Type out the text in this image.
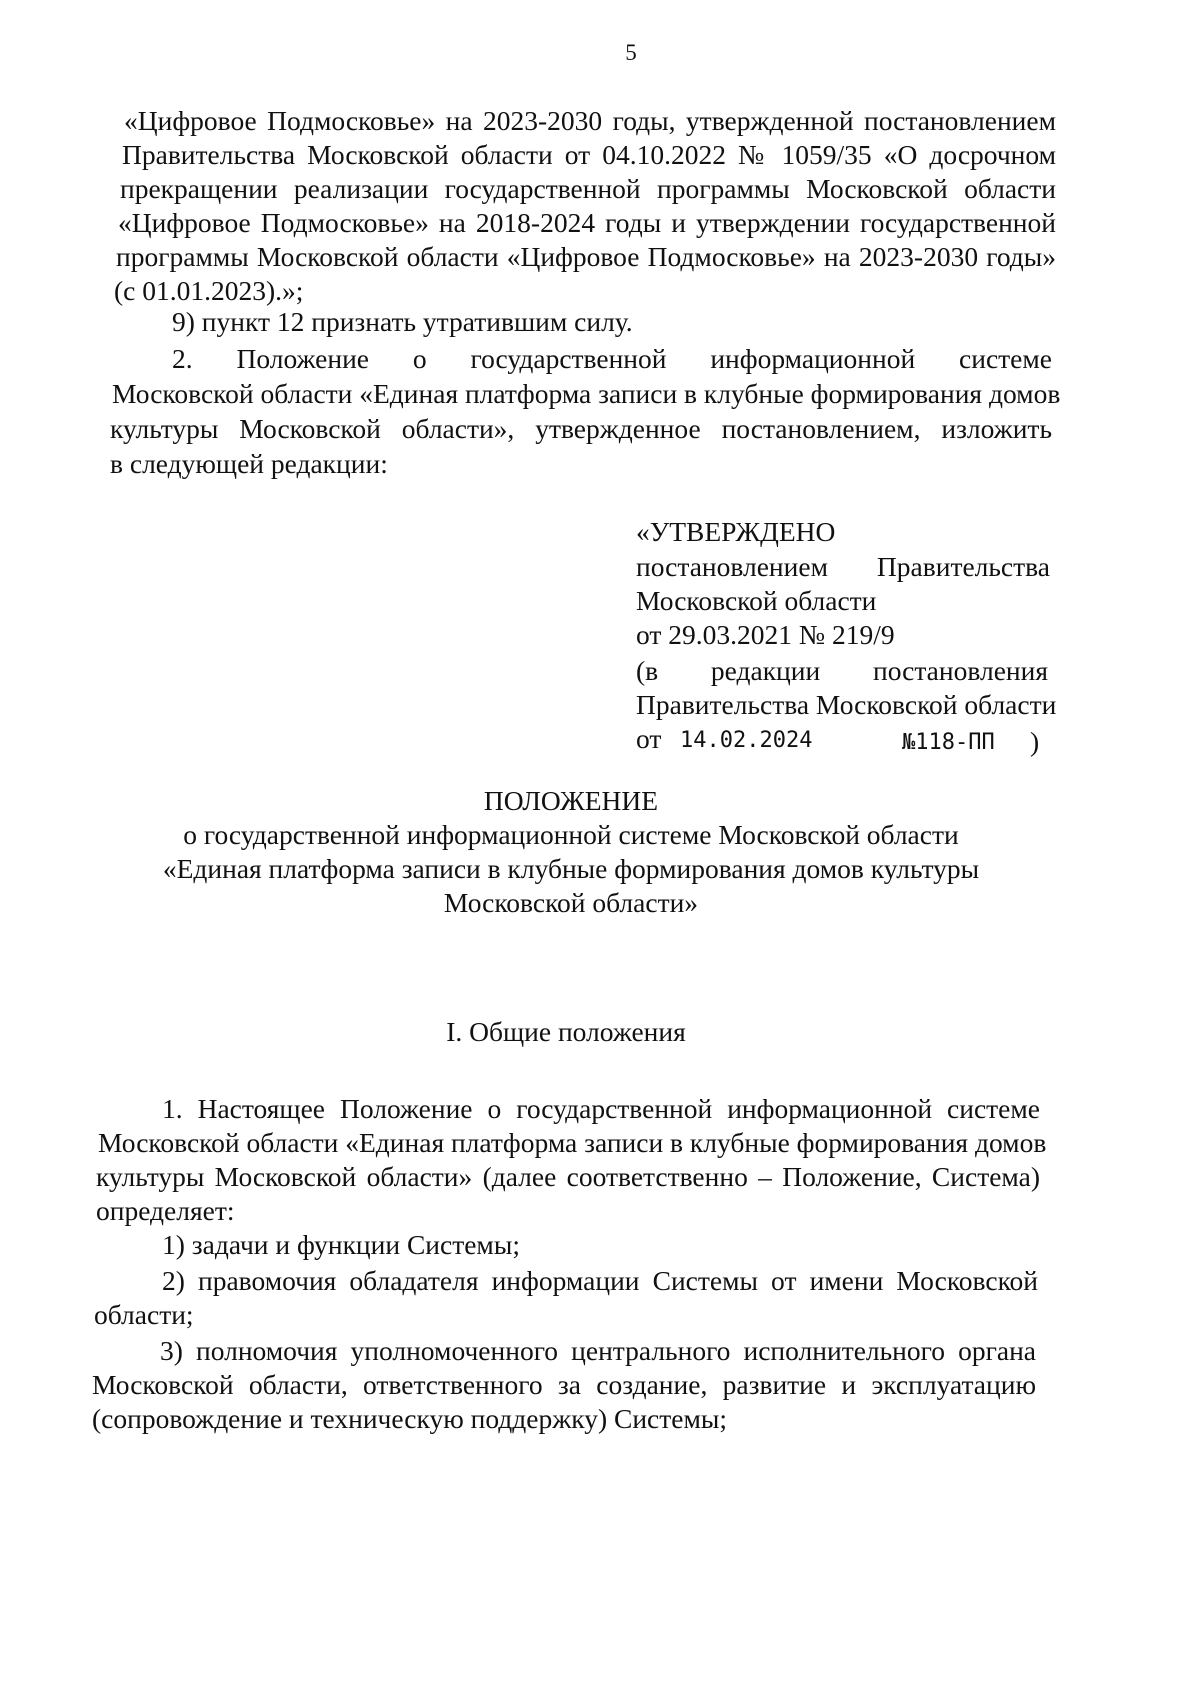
5
«Цифровое Подмосковье» на 2023-2030 годы, утвержденной постановлением
Правительства Московской области от 04.10.2022 № 1059/35 «О досрочном
прекращении реализации государственной программы Московской области
«Цифровое Подмосковье» на 2018-2024 годы и утверждении государственной
программы Московской области «Цифровое Подмосковье» на 2023-2030 годы»
(с 01.01.2023).»;
9) пункт 12 признать утратившим силу.
2. Положение о государственной информационной системе
Московской области «Единая платформа записи в клубные формирования домов
культуры Московской области», утвержденное постановлением, изложить
в следующей редакции:
«УТВЕРЖДЕНО
постановлением Правительства
Московской области
от 29.03.2021 № 219/9
(в редакции постановления
Правительства Московской области
от 14.02.2024	№118-ПП )
ПОЛОЖЕНИЕ
о государственной информационной системе Московской области
«Единая платформа записи в клубные формирования домов культуры
Московской области»
I. Общие положения
1. Настоящее Положение о государственной информационной системе
Московской области «Единая платформа записи в клубные формирования домов
культуры Московской области» (далее соответственно – Положение, Система)
определяет:
1) задачи и функции Системы;
2) правомочия обладателя информации Системы от имени Московской
области;
3) полномочия уполномоченного центрального исполнительного органа
Московской области, ответственного за создание, развитие и эксплуатацию
(сопровождение и техническую поддержку) Системы;
